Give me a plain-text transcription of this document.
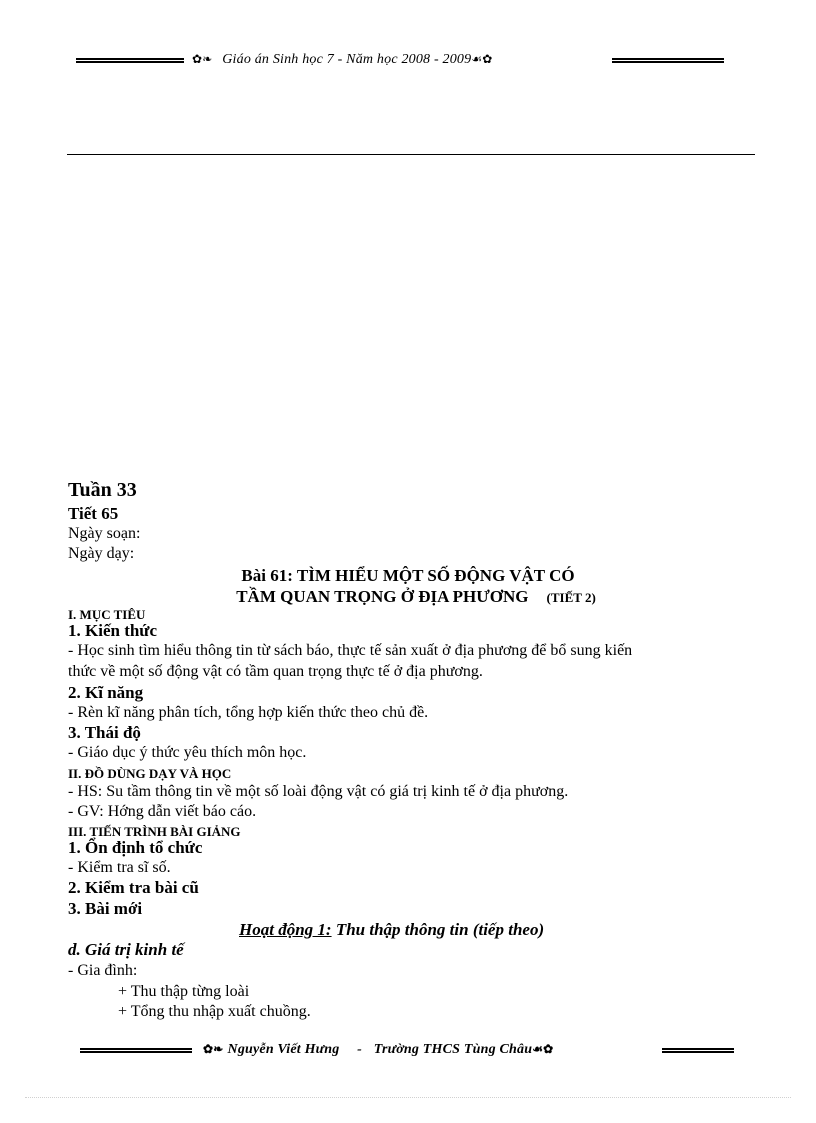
✿❧ Giáo án Sinh học 7 - Năm học 2008 - 2009☙✿
Tuần 33
Tiết 65
Ngày soạn:
Ngày dạy:
Bài 61: TÌM HIỂU MỘT SỐ ĐỘNG VẬT CÓ
TẦM QUAN TRỌNG Ở ĐỊA PHƯƠNG (TIẾT 2)
I. MỤC TIÊU
1. Kiến thức
- Học sinh tìm hiểu thông tin từ sách báo, thực tế sản xuất ở địa phương để bổ sung kiến
thức về một số động vật có tầm quan trọng thực tế ở địa phương.
2. Kĩ năng
- Rèn kĩ năng phân tích, tổng hợp kiến thức theo chủ đề.
3. Thái độ
- Giáo dục ý thức yêu thích môn học.
II. ĐỒ DÙNG DẠY VÀ HỌC
- HS: Su tầm thông tin về một số loài động vật có giá trị kinh tế ở địa phương.
- GV: Hớng dẫn viết báo cáo.
III. TIẾN TRÌNH BÀI GIẢNG
1. Ổn định tổ chức
- Kiểm tra sĩ số.
2. Kiểm tra bài cũ
3. Bài mới
Hoạt động 1: Thu thập thông tin (tiếp theo)
d. Giá trị kinh tế
- Gia đình:
+ Thu thập từng loài
+ Tổng thu nhập xuất chuồng.
✿❧ Nguyễn Viết Hưng - Trường THCS Tùng Châu☙✿
